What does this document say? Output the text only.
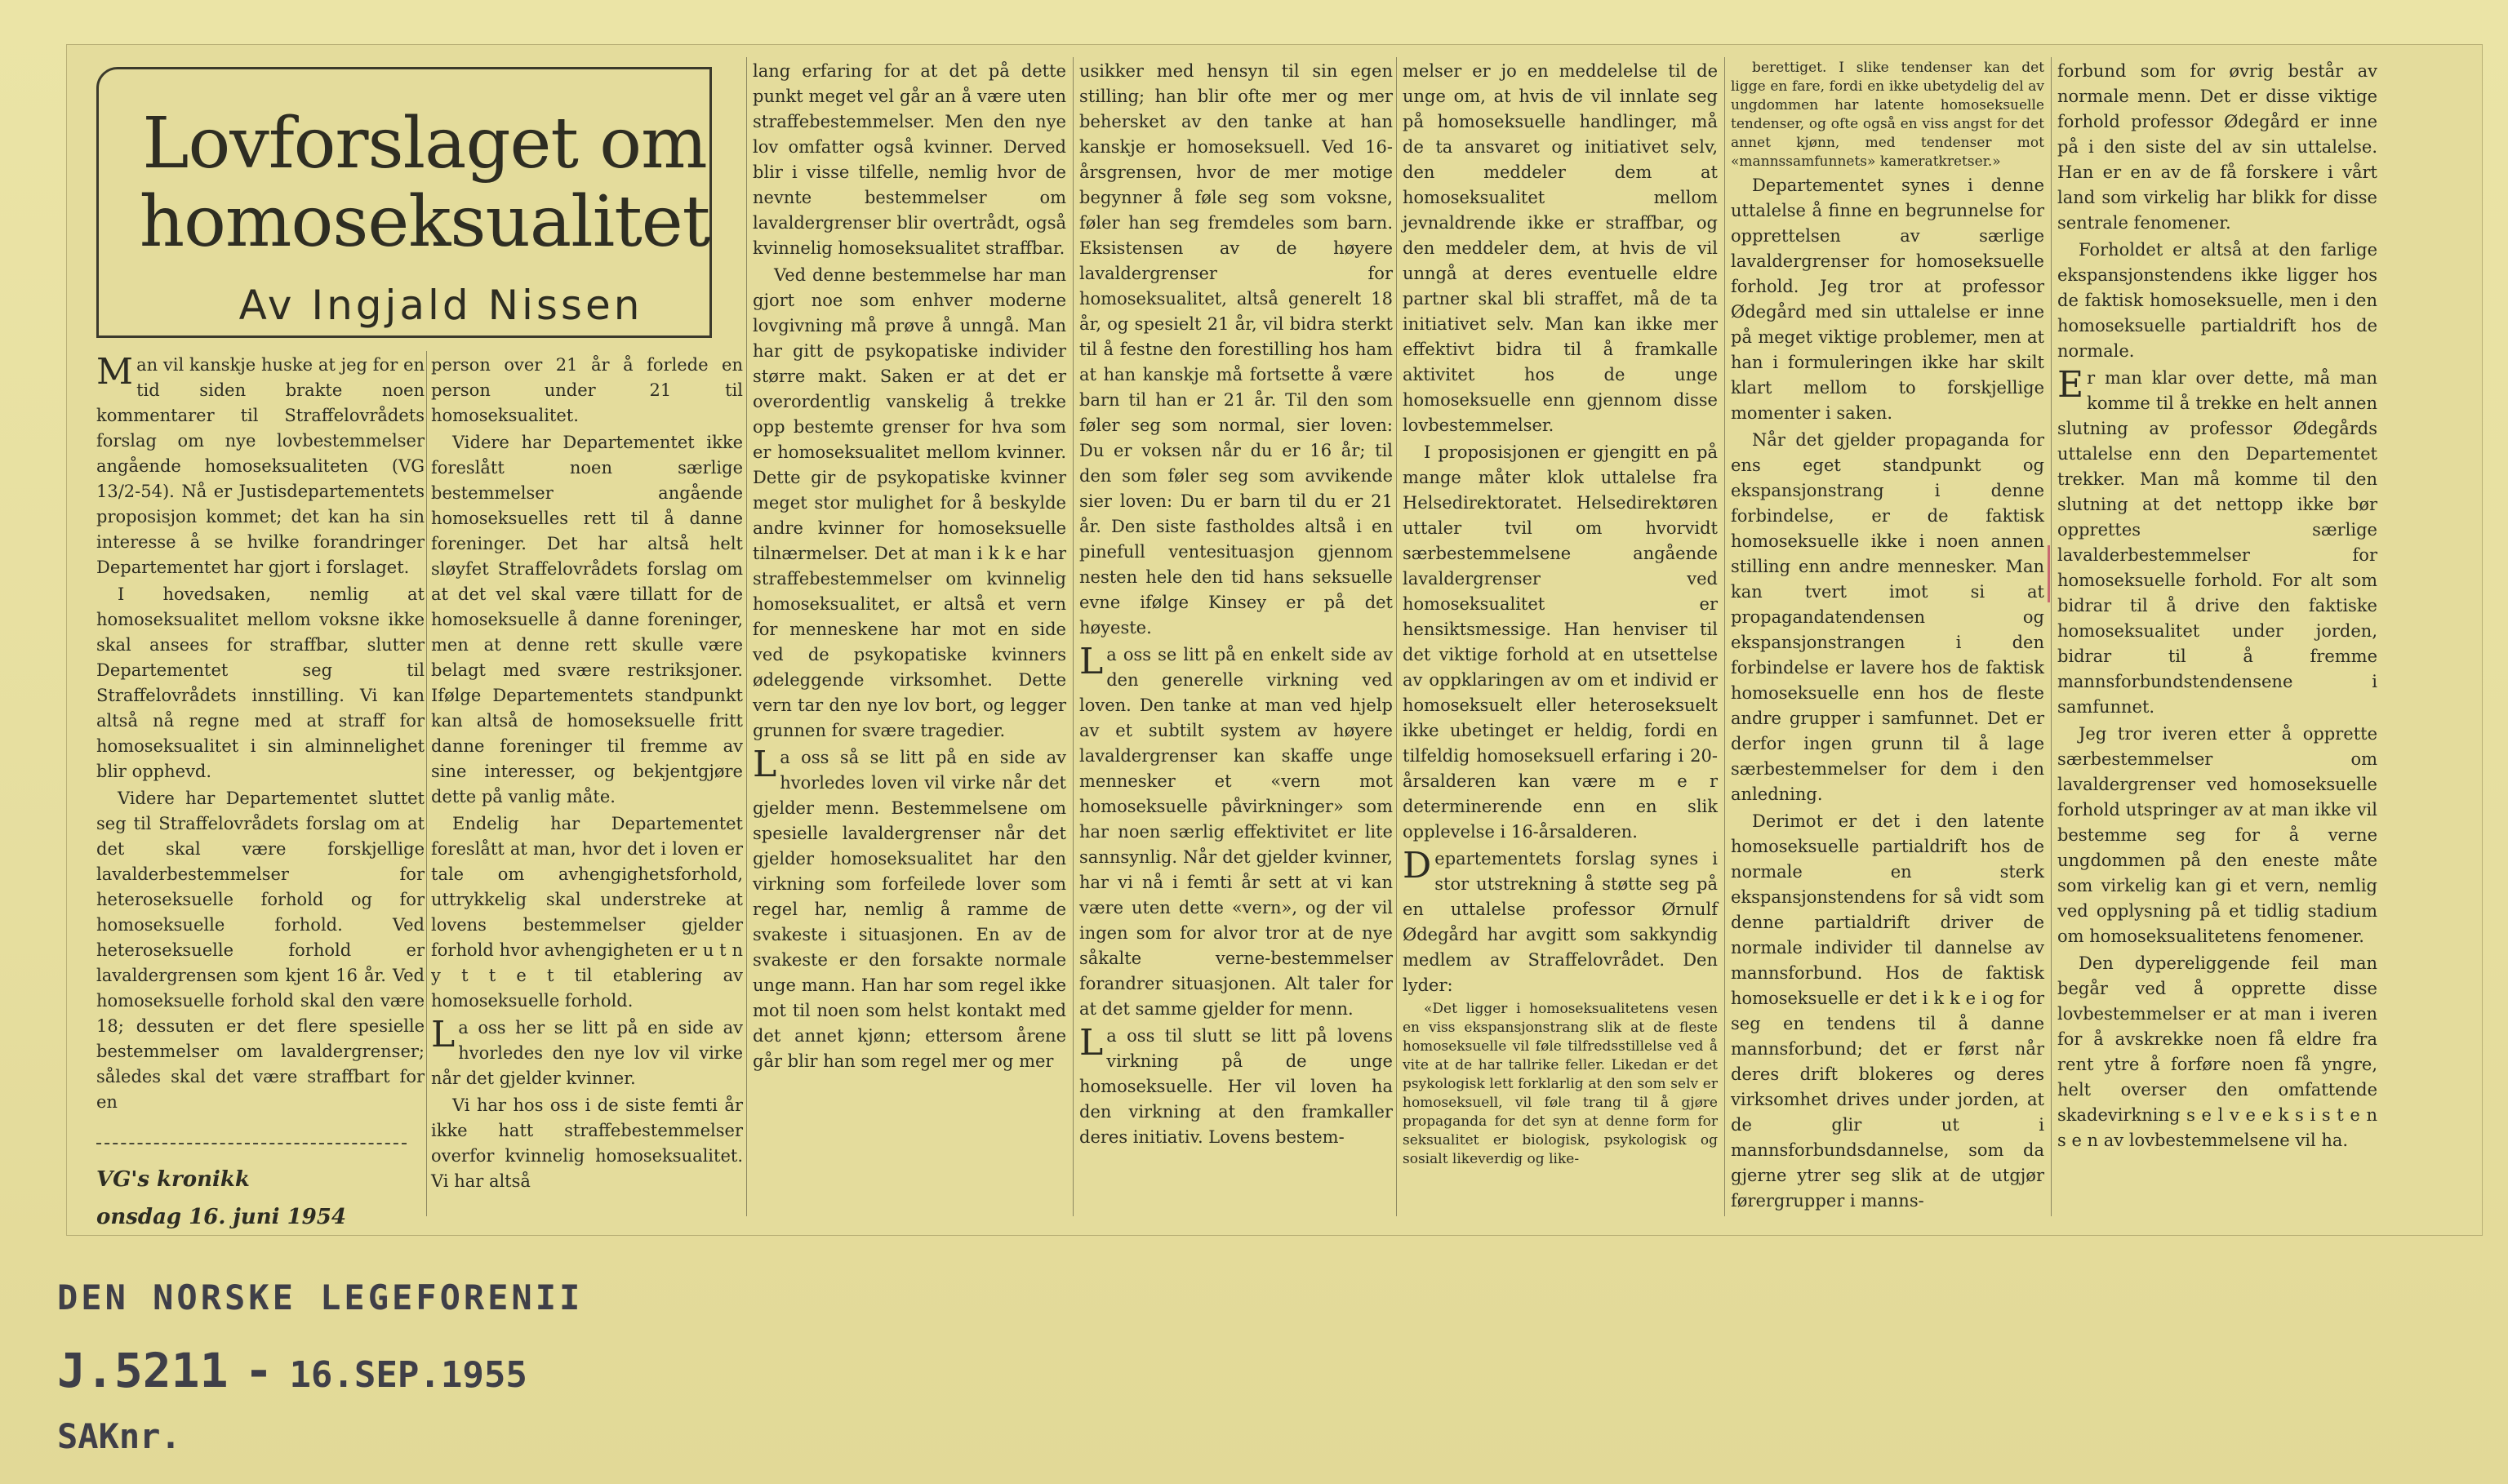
Lovforslaget om
homoseksualitet
Av Ingjald Nissen

Man vil kanskje huske at jeg for en tid siden brakte noen kommentarer til Straffelovrådets forslag om nye lovbestemmelser angående homoseksualiteten (VG 13/2-54). Nå er Justisdepartementets proposisjon kommet; det kan ha sin interesse å se hvilke forandringer Departementet har gjort i forslaget.

I hovedsaken, nemlig at homoseksualitet mellom voksne ikke skal ansees for straffbar, slutter Departementet seg til Straffelovrådets innstilling. Vi kan altså nå regne med at straff for homoseksualitet i sin alminnelighet blir opphevd.

Videre har Departementet sluttet seg til Straffelovrådets forslag om at det skal være forskjellige lavalderbestemmelser for heteroseksuelle forhold og for homoseksuelle forhold. Ved heteroseksuelle forhold er lavaldergrensen som kjent 16 år. Ved homoseksuelle forhold skal den være 18; dessuten er det flere spesielle bestemmelser om lavaldergrenser; således skal det være straffbart for en

person over 21 år å forlede en person under 21 til homoseksualitet.

Videre har Departementet ikke foreslått noen særlige bestemmelser angående homoseksuelles rett til å danne foreninger. Det har altså helt sløyfet Straffelovrådets forslag om at det vel skal være tillatt for de homoseksuelle å danne foreninger, men at denne rett skulle være belagt med svære restriksjoner. Ifølge Departementets standpunkt kan altså de homoseksuelle fritt danne foreninger til fremme av sine interesser, og bekjentgjøre dette på vanlig måte.

Endelig har Departementet foreslått at man, hvor det i loven er tale om avhengighetsforhold, uttrykkelig skal understreke at lovens bestemmelser gjelder forhold hvor avhengigheten er u t n y t t e t til etablering av homoseksuelle forhold.

La oss her se litt på en side av hvorledes den nye lov vil virke når det gjelder kvinner.

Vi har hos oss i de siste femti år ikke hatt straffebestemmelser overfor kvinnelig homoseksualitet. Vi har altså

lang erfaring for at det på dette punkt meget vel går an å være uten straffebestemmelser. Men den nye lov omfatter også kvinner. Derved blir i visse tilfelle, nemlig hvor de nevnte bestemmelser om lavaldergrenser blir overtrådt, også kvinnelig homoseksualitet straffbar.

Ved denne bestemmelse har man gjort noe som enhver moderne lovgivning må prøve å unngå. Man har gitt de psykopatiske individer større makt. Saken er at det er overordentlig vanskelig å trekke opp bestemte grenser for hva som er homoseksualitet mellom kvinner. Dette gir de psykopatiske kvinner meget stor mulighet for å beskylde andre kvinner for homoseksuelle tilnærmelser. Det at man i k k e har straffebestemmelser om kvinnelig homoseksualitet, er altså et vern for menneskene har mot en side ved de psykopatiske kvinners ødeleggende virksomhet. Dette vern tar den nye lov bort, og legger grunnen for svære tragedier.

La oss så se litt på en side av hvorledes loven vil virke når det gjelder menn. Bestemmelsene om spesielle lavaldergrenser når det gjelder homoseksualitet har den virkning som forfeilede lover som regel har, nemlig å ramme de svakeste i situasjonen. En av de svakeste er den forsakte normale unge mann. Han har som regel ikke mot til noen som helst kontakt med det annet kjønn; ettersom årene går blir han som regel mer og mer

usikker med hensyn til sin egen stilling; han blir ofte mer og mer behersket av den tanke at han kanskje er homoseksuell. Ved 16-årsgrensen, hvor de mer motige begynner å føle seg som voksne, føler han seg fremdeles som barn. Eksistensen av de høyere lavaldergrenser for homoseksualitet, altså generelt 18 år, og spesielt 21 år, vil bidra sterkt til å festne den forestilling hos ham at han kanskje må fortsette å være barn til han er 21 år. Til den som føler seg som normal, sier loven: Du er voksen når du er 16 år; til den som føler seg som avvikende sier loven: Du er barn til du er 21 år. Den siste fastholdes altså i en pinefull ventesituasjon gjennom nesten hele den tid hans seksuelle evne ifølge Kinsey er på det høyeste.

La oss se litt på en enkelt side av den generelle virkning ved loven. Den tanke at man ved hjelp av et subtilt system av høyere lavaldergrenser kan skaffe unge mennesker et «vern mot homoseksuelle påvirkninger» som har noen særlig effektivitet er lite sannsynlig. Når det gjelder kvinner, har vi nå i femti år sett at vi kan være uten dette «vern», og der vil ingen som for alvor tror at de nye såkalte verne-bestemmelser forandrer situasjonen. Alt taler for at det samme gjelder for menn.

La oss til slutt se litt på lovens virkning på de unge homoseksuelle. Her vil loven ha den virkning at den framkaller deres initiativ. Lovens bestem-

melser er jo en meddelelse til de unge om, at hvis de vil innlate seg på homoseksuelle handlinger, må de ta ansvaret og initiativet selv, den meddeler dem at homoseksualitet mellom jevnaldrende ikke er straffbar, og den meddeler dem, at hvis de vil unngå at deres eventuelle eldre partner skal bli straffet, må de ta initiativet selv. Man kan ikke mer effektivt bidra til å framkalle aktivitet hos de unge homoseksuelle enn gjennom disse lovbestemmelser.

I proposisjonen er gjengitt en på mange måter klok uttalelse fra Helsedirektoratet. Helsedirektøren uttaler tvil om hvorvidt særbestemmelsene angående lavaldergrenser ved homoseksualitet er hensiktsmessige. Han henviser til det viktige forhold at en utsettelse av oppklaringen av om et individ er homoseksuelt eller heteroseksuelt ikke ubetinget er heldig, fordi en tilfeldig homoseksuell erfaring i 20-årsalderen kan være m e r determinerende enn en slik opplevelse i 16-årsalderen.

Departementets forslag synes i stor utstrekning å støtte seg på en uttalelse professor Ørnulf Ødegård har avgitt som sakkyndig medlem av Straffelovrådet. Den lyder:

«Det ligger i homoseksualitetens vesen en viss ekspansjonstrang slik at de fleste homoseksuelle vil føle tilfredsstillelse ved å vite at de har tallrike feller. Likedan er det psykologisk lett forklarlig at den som selv er homoseksuell, vil føle trang til å gjøre propaganda for det syn at denne form for seksualitet er biologisk, psykologisk og sosialt likeverdig og like-

berettiget. I slike tendenser kan det ligge en fare, fordi en ikke ubetydelig del av ungdommen har latente homoseksuelle tendenser, og ofte også en viss angst for det annet kjønn, med tendenser mot «mannssamfunnets» kameratkretser.»

Departementet synes i denne uttalelse å finne en begrunnelse for opprettelsen av særlige lavaldergrenser for homoseksuelle forhold. Jeg tror at professor Ødegård med sin uttalelse er inne på meget viktige problemer, men at han i formuleringen ikke har skilt klart mellom to forskjellige momenter i saken.

Når det gjelder propaganda for ens eget standpunkt og ekspansjonstrang i denne forbindelse, er de faktisk homoseksuelle ikke i noen annen stilling enn andre mennesker. Man kan tvert imot si at propagandatendensen og ekspansjonstrangen i den forbindelse er lavere hos de faktisk homoseksuelle enn hos de fleste andre grupper i samfunnet. Det er derfor ingen grunn til å lage særbestemmelser for dem i den anledning.

Derimot er det i den latente homoseksuelle partialdrift hos de normale en sterk ekspansjonstendens for så vidt som denne partialdrift driver de normale individer til dannelse av mannsforbund. Hos de faktisk homoseksuelle er det i k k e i og for seg en tendens til å danne mannsforbund; det er først når deres drift blokeres og deres virksomhet drives under jorden, at de glir ut i mannsforbundsdannelse, som da gjerne ytrer seg slik at de utgjør førergrupper i manns-

forbund som for øvrig består av normale menn. Det er disse viktige forhold professor Ødegård er inne på i den siste del av sin uttalelse. Han er en av de få forskere i vårt land som virkelig har blikk for disse sentrale fenomener.

Forholdet er altså at den farlige ekspansjonstendens ikke ligger hos de faktisk homoseksuelle, men i den homoseksuelle partialdrift hos de normale.

Er man klar over dette, må man komme til å trekke en helt annen slutning av professor Ødegårds uttalelse enn den Departementet trekker. Man må komme til den slutning at det nettopp ikke bør opprettes særlige lavalderbestemmelser for homoseksuelle forhold. For alt som bidrar til å drive den faktiske homoseksualitet under jorden, bidrar til å fremme mannsforbundstendensene i samfunnet.

Jeg tror iveren etter å opprette særbestemmelser om lavaldergrenser ved homoseksuelle forhold utspringer av at man ikke vil bestemme seg for å verne ungdommen på den eneste måte som virkelig kan gi et vern, nemlig ved opplysning på et tidlig stadium om homoseksualitetens fenomener.

Den dypereliggende feil man begår ved å opprette disse lovbestemmelser er at man i iveren for å avskrekke noen få eldre fra rent ytre å forføre noen få yngre, helt overser den omfattende skadevirkning s e l v e e k s i s t e n s e n av lovbestemmelsene vil ha.

VG's kronikk
onsdag 16. juni 1954
DEN NORSKE LEGEFORENII
J.5211 - 16.SEP.1955
SAKnr.
